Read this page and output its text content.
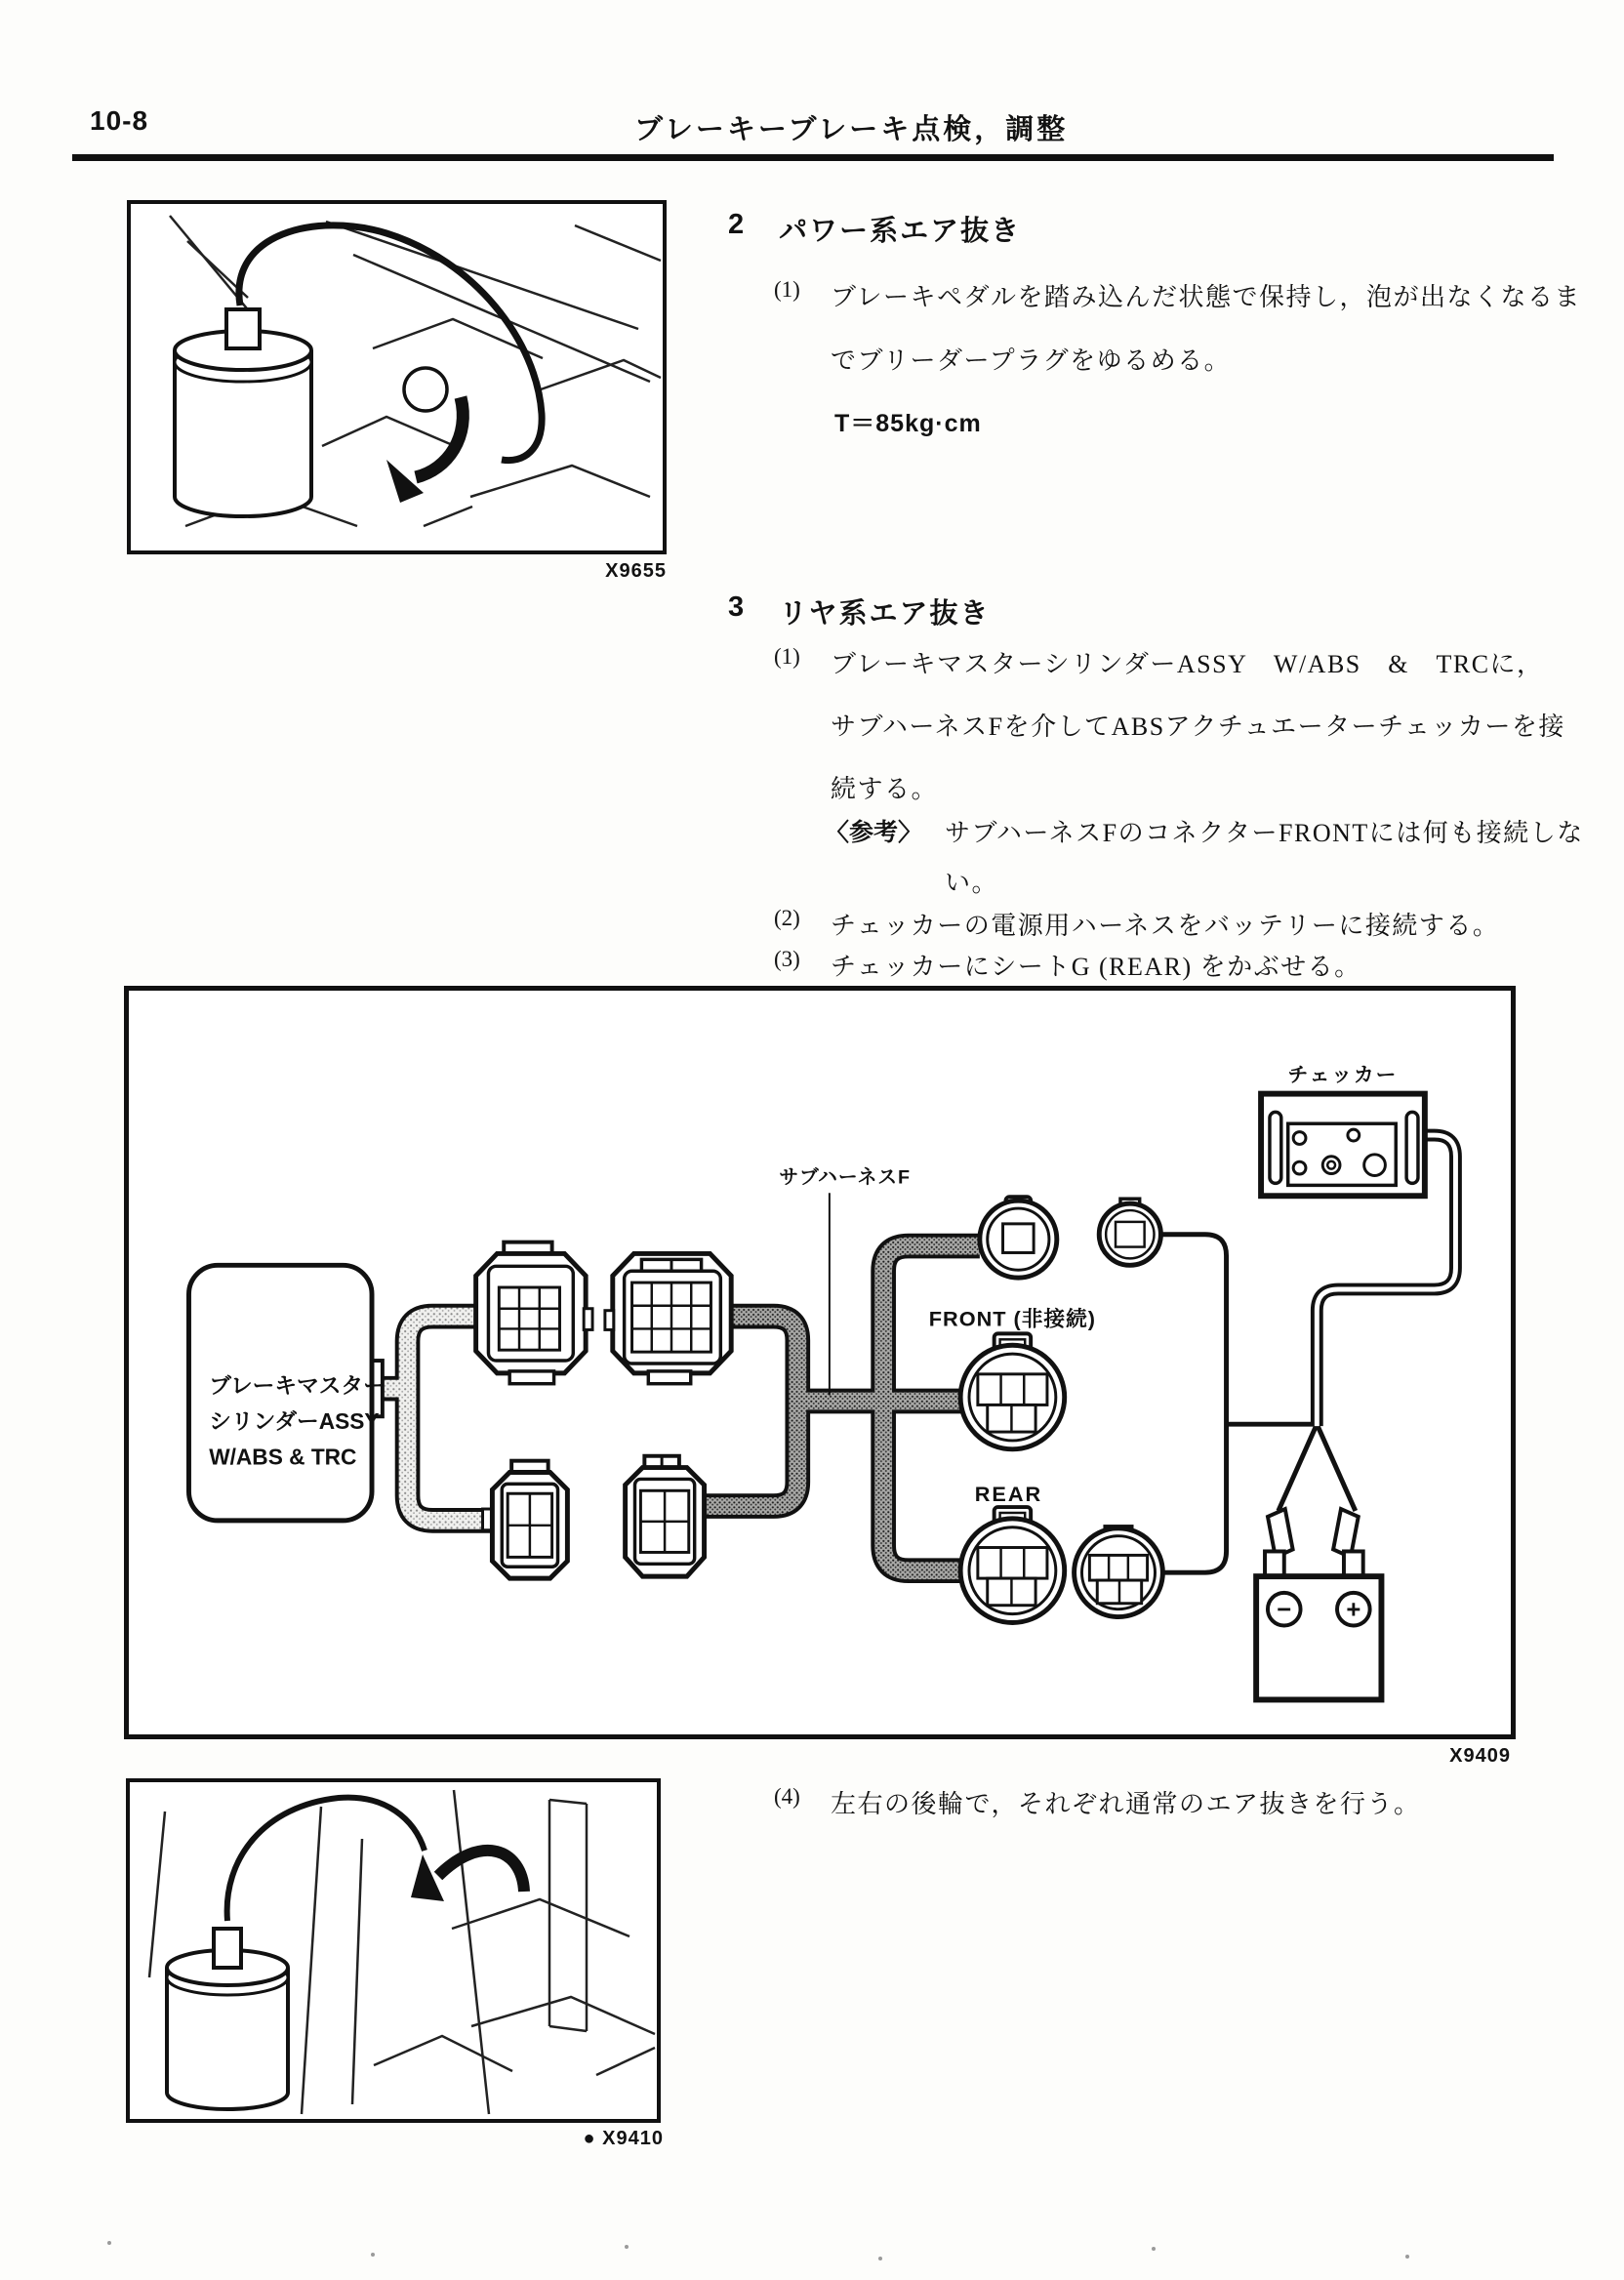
10-8	ブレーキーブレーキ点検，調整
X9655
2 パワー系エア抜き
(1)	ブレーキペダルを踏み込んだ状態で保持し，泡が出なくなるま
でブリーダープラグをゆるめる。
T＝85kg·cm
3 リヤ系エア抜き
(1)	ブレーキマスターシリンダーASSY　W/ABS　&　TRCに，
サブハーネスFを介してABSアクチュエーターチェッカーを接
続する。
〈参考〉 サブハーネスFのコネクターFRONTには何も接続しな
い。
(2)	チェッカーの電源用ハーネスをバッテリーに接続する。
(3)	チェッカーにシートG (REAR) をかぶせる。
ブレーキマスター
シリンダーASSY
W/ABS & TRC
− +
チェッカー
サブハーネスF
FRONT (非接続)
REAR
X9409
(4)	左右の後輪で，それぞれ通常のエア抜きを行う。
● X9410
